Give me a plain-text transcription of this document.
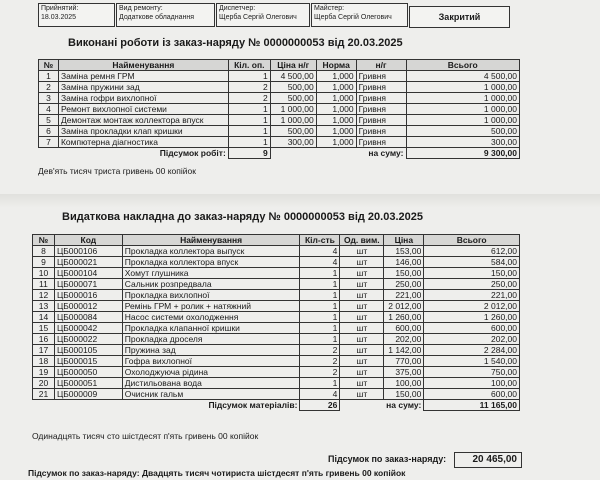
Прийнятий:
18.03.2025
Вид ремонту:
Додаткове обладнання
Диспетчер:
Щерба Сергій Олегович
Майстер:
Щерба Сергій Олегович	Закритий
Виконані роботи із заказ-наряду № 0000000053 від 20.03.2025
№	Найменування	Кіл. оп.	Ціна н/г	Норма	н/г	Всього
1	Заміна ремня ГРМ	1	4 500,00	1,000	Гривня	4 500,00
2	Заміна пружини зад	2	500,00	1,000	Гривня	1 000,00
3	Заміна гофри вихлопної	2	500,00	1,000	Гривня	1 000,00
4	Ремонт вихлопної системи	1	1 000,00	1,000	Гривня	1 000,00
5	Демонтаж монтаж коллектора впуск	1	1 000,00	1,000	Гривня	1 000,00
6	Заміна прокладки клап кришки	1	500,00	1,000	Гривня	500,00
7	Компютерна діагностика	1	300,00	1,000	Гривня	300,00
	Підсумок робіт:	9		на суму:		9 300,00
Дев'ять тисяч триста гривень 00 копійок
Видаткова накладна до заказ-наряду № 0000000053 від 20.03.2025
№	Код	Найменування	Кіл-сть	Од. вим.	Ціна	Всього
8	ЦБ000106	Прокладка коллектора выпуск	4	шт	153,00	612,00
9	ЦБ000021	Прокладка коллектора впуск	4	шт	146,00	584,00
10	ЦБ000104	Хомут глушника	1	шт	150,00	150,00
11	ЦБ000071	Сальник розпредвала	1	шт	250,00	250,00
12	ЦБ000016	Прокладка вихлопної	1	шт	221,00	221,00
13	ЦБ000012	Ремінь ГРМ + ролик + натяжний	1	шт	2 012,00	2 012,00
14	ЦБ000084	Насос системи охолодження	1	шт	1 260,00	1 260,00
15	ЦБ000042	Прокладка клапанної кришки	1	шт	600,00	600,00
16	ЦБ000022	Прокладка дроселя	1	шт	202,00	202,00
17	ЦБ000105	Пружина зад	2	шт	1 142,00	2 284,00
18	ЦБ000015	Гофра вихлопної	2	шт	770,00	1 540,00
19	ЦБ000050	Охолоджуюча рідина	2	шт	375,00	750,00
20	ЦБ000051	Дистильована вода	1	шт	100,00	100,00
21	ЦБ000009	Очисник гальм	4	шт	150,00	600,00
		Підсумок матеріалів:	26	на суму:		11 165,00
Одинадцять тисяч сто шістдесят п'ять гривень 00 копійок
Підсумок по заказ-наряду:	20 465,00
Підсумок по заказ-наряду: Двадцять тисяч чотириста шістдесят п'ять гривень 00 копійок
